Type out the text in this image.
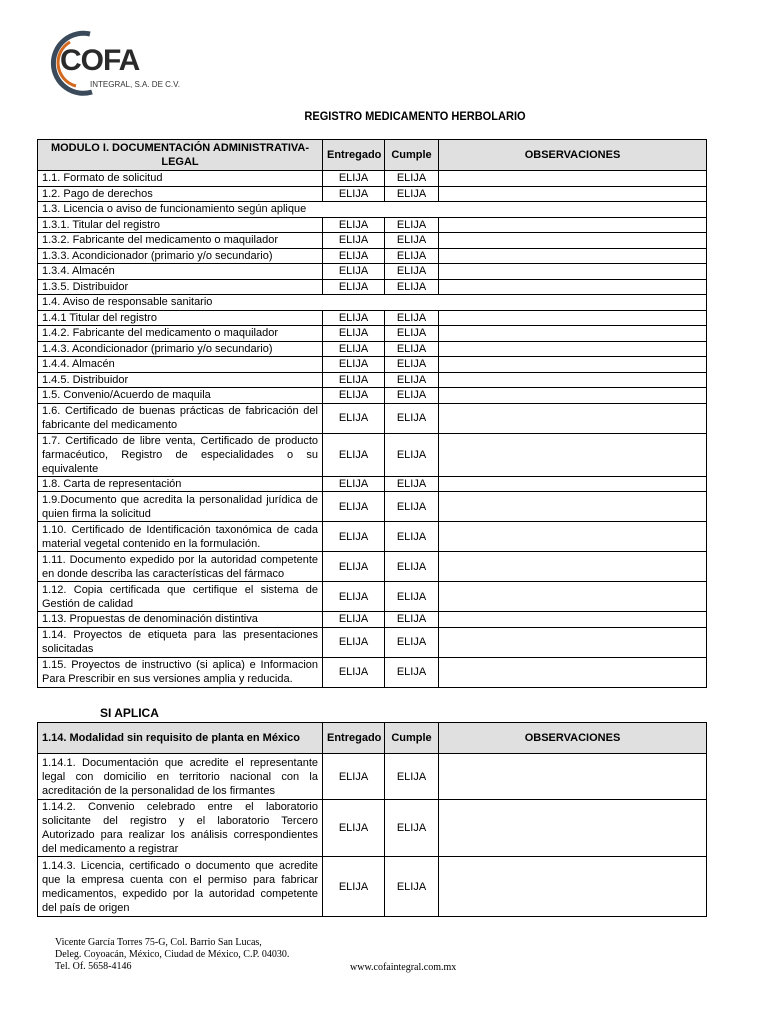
COFA
INTEGRAL, S.A. DE C.V.
REGISTRO MEDICAMENTO HERBOLARIO
MODULO I. DOCUMENTACIÓN ADMINISTRATIVA-LEGAL	Entregado	Cumple	OBSERVACIONES
1.1. Formato de solicitud	ELIJA	ELIJA	
1.2. Pago de derechos	ELIJA	ELIJA	
1.3. Licencia o aviso de funcionamiento según aplique			
1.3.1. Titular del registro	ELIJA	ELIJA	
1.3.2. Fabricante del medicamento o maquilador	ELIJA	ELIJA	
1.3.3. Acondicionador (primario y/o secundario)	ELIJA	ELIJA	
1.3.4. Almacén	ELIJA	ELIJA	
1.3.5. Distribuidor	ELIJA	ELIJA	
1.4. Aviso de responsable sanitario			
1.4.1 Titular del registro	ELIJA	ELIJA	
1.4.2. Fabricante del medicamento o maquilador	ELIJA	ELIJA	
1.4.3. Acondicionador (primario y/o secundario)	ELIJA	ELIJA	
1.4.4. Almacén	ELIJA	ELIJA	
1.4.5. Distribuidor	ELIJA	ELIJA	
1.5. Convenio/Acuerdo de maquila	ELIJA	ELIJA	
1.6. Certificado de buenas prácticas de fabricación del fabricante del medicamento	ELIJA	ELIJA	
1.7. Certificado de libre venta, Certificado de producto farmacéutico, Registro de especialidades o su equivalente	ELIJA	ELIJA	
1.8. Carta de representación	ELIJA	ELIJA	
1.9.Documento que acredita la personalidad jurídica de quien firma la solicitud	ELIJA	ELIJA	
1.10. Certificado de Identificación taxonómica de cada material vegetal contenido en la formulación.	ELIJA	ELIJA	
1.11. Documento expedido por la autoridad competente en donde describa las características del fármaco	ELIJA	ELIJA	
1.12. Copia certificada que certifique el sistema de Gestión de calidad	ELIJA	ELIJA	
1.13. Propuestas de denominación distintiva	ELIJA	ELIJA	
1.14. Proyectos de etiqueta para las presentaciones solicitadas	ELIJA	ELIJA	
1.15. Proyectos de instructivo (si aplica) e Informacion Para Prescribir en sus versiones amplia y reducida.	ELIJA	ELIJA	
SI APLICA
1.14. Modalidad sin requisito de planta en México	Entregado	Cumple	OBSERVACIONES
1.14.1. Documentación que acredite el representante legal con domicilio en territorio nacional con la acreditación de la personalidad de los firmantes	ELIJA	ELIJA	
1.14.2. Convenio celebrado entre el laboratorio solicitante del registro y el laboratorio Tercero Autorizado para realizar los análisis correspondientes del medicamento a registrar	ELIJA	ELIJA	
1.14.3. Licencia, certificado o documento que acredite que la empresa cuenta con el permiso para fabricar medicamentos, expedido por la autoridad competente del país de origen	ELIJA	ELIJA	
Vicente García Torres 75-G, Col. Barrio San Lucas,
Deleg. Coyoacán, México, Ciudad de México, C.P. 04030.
Tel. Of. 5658-4146	www.cofaintegral.com.mx
